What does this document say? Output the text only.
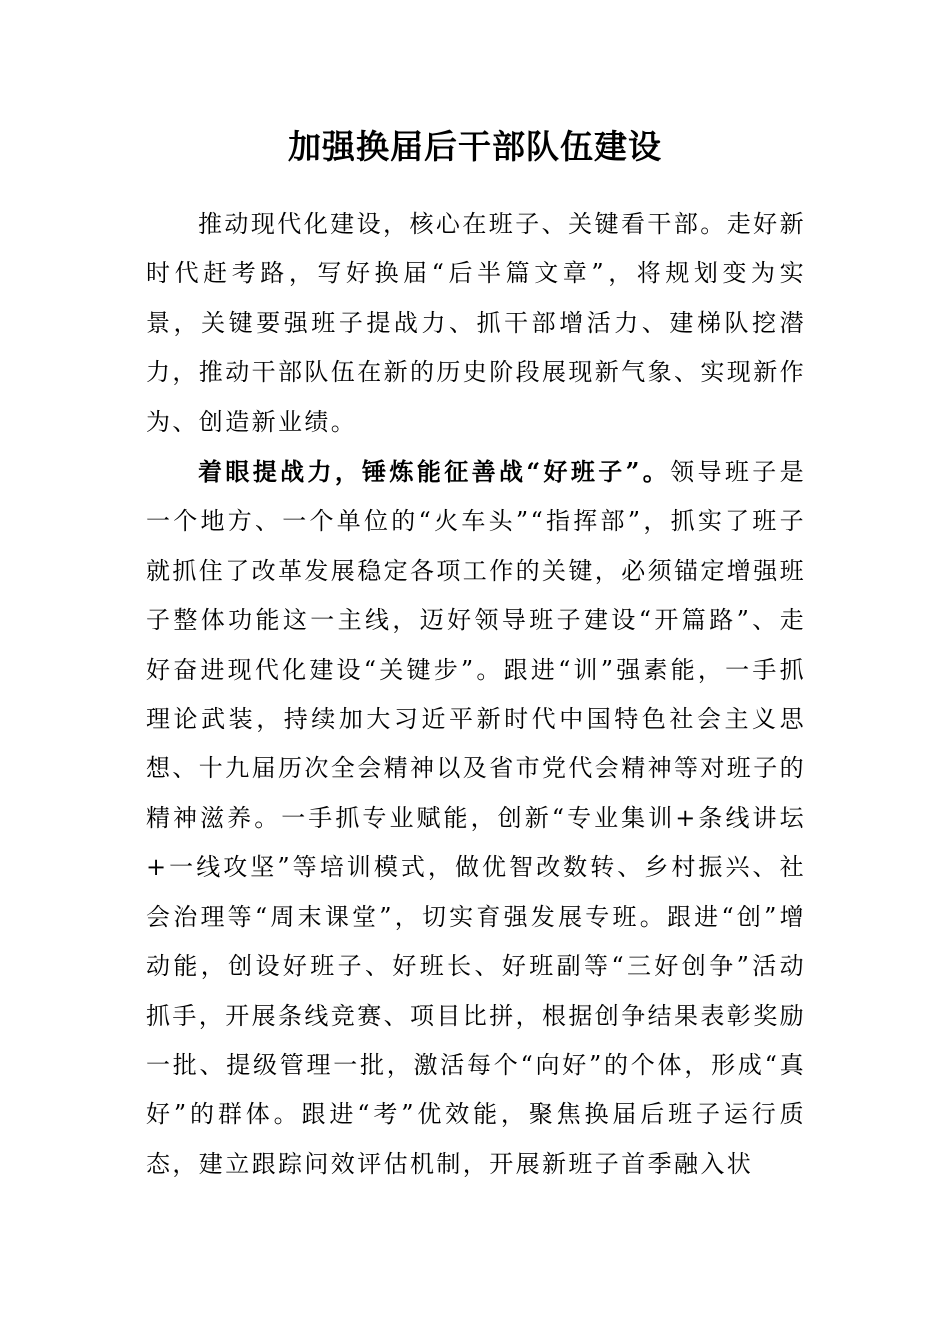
加强换届后干部队伍建设

推动现代化建设，核心在班子、关键看干部。走好新时代赶考路，写好换届“后半篇文章”，将规划变为实景，关键要强班子提战力、抓干部增活力、建梯队挖潜力，推动干部队伍在新的历史阶段展现新气象、实现新作为、创造新业绩。

着眼提战力，锤炼能征善战“好班子”。领导班子是一个地方、一个单位的“火车头”“指挥部”，抓实了班子就抓住了改革发展稳定各项工作的关键，必须锚定增强班子整体功能这一主线，迈好领导班子建设“开篇路”、走好奋进现代化建设“关键步”。跟进“训”强素能，一手抓理论武装，持续加大习近平新时代中国特色社会主义思想、十九届历次全会精神以及省市党代会精神等对班子的精神滋养。一手抓专业赋能，创新“专业集训+条线讲坛+一线攻坚”等培训模式，做优智改数转、乡村振兴、社会治理等“周末课堂”，切实育强发展专班。跟进“创”增动能，创设好班子、好班长、好班副等“三好创争”活动抓手，开展条线竞赛、项目比拼，根据创争结果表彰奖励一批、提级管理一批，激活每个“向好”的个体，形成“真好”的群体。跟进“考”优效能，聚焦换届后班子运行质态，建立跟踪问效评估机制，开展新班子首季融入状
